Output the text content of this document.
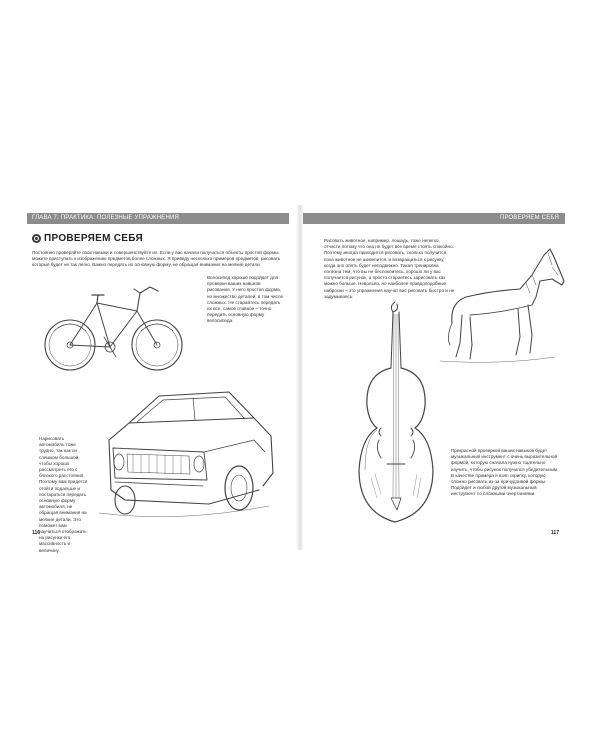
ГЛАВА 7. ПРАКТИКА: ПОЛЕЗНЫЕ УПРАЖНЕНИЯ
ПРОВЕРЯЕМ СЕБЯ
Постоянно проверяйте свои навыки и совершенствуйте их. Если у вас начали получаться объекты простой формы, можете приступать к изображению предметов более сложных. Я приведу несколько примеров предметов, рисовать которые будет не так легко. Важно передать их основную форму, не обращая внимания на мелкие детали.
Велосипед хорошо подойдет для проверки ваших навыков рисования. У него простая форма, но множество деталей, в том числе сложных. Не старайтесь передать их все, самое главное – точно передать основную форму велосипеда.
Нарисовать автомобиль тоже трудно, так как он слишком большой, чтобы хорошо рассмотреть его с близкого расстояния. Поэтому вам придется отойти подальше и постараться передать основную форму автомобиля, не обращая внимания на мелкие детали. Это поможет вам научиться отображать на рисунке его массивность и величину.
116
ПРОВЕРЯЕМ СЕБЯ
Рисовать животное, например, лошадь, тоже нелегко, отчасти потому что она не будет все время стоять спокойно. Поэтому иногда приходится рисовать, сколько получится, пока животное не шевелится, и возвращаться к рисунку, когда оно опять будет неподвижно. Такая тренировка полезна тем, что вы не беспокоитесь, хорошо ли у вас получается рисунок, а просто стараетесь зарисовать как можно больше. Невольно, но наиболее правдоподобные наброски – это упражнения научат вас рисовать быстро и не задумываясь.
Прекрасной проверкой ваших навыков будет музыкальный инструмент с очень выразительной формой, которую сначала нужно тщательно изучить, чтобы рисунок получился убедительным. В качестве примера я взял скрипку, которую сложно рисовать из-за причудливой формы. Подойдет и любой другой музыкальный инструмент со сложными очертаниями.
117
